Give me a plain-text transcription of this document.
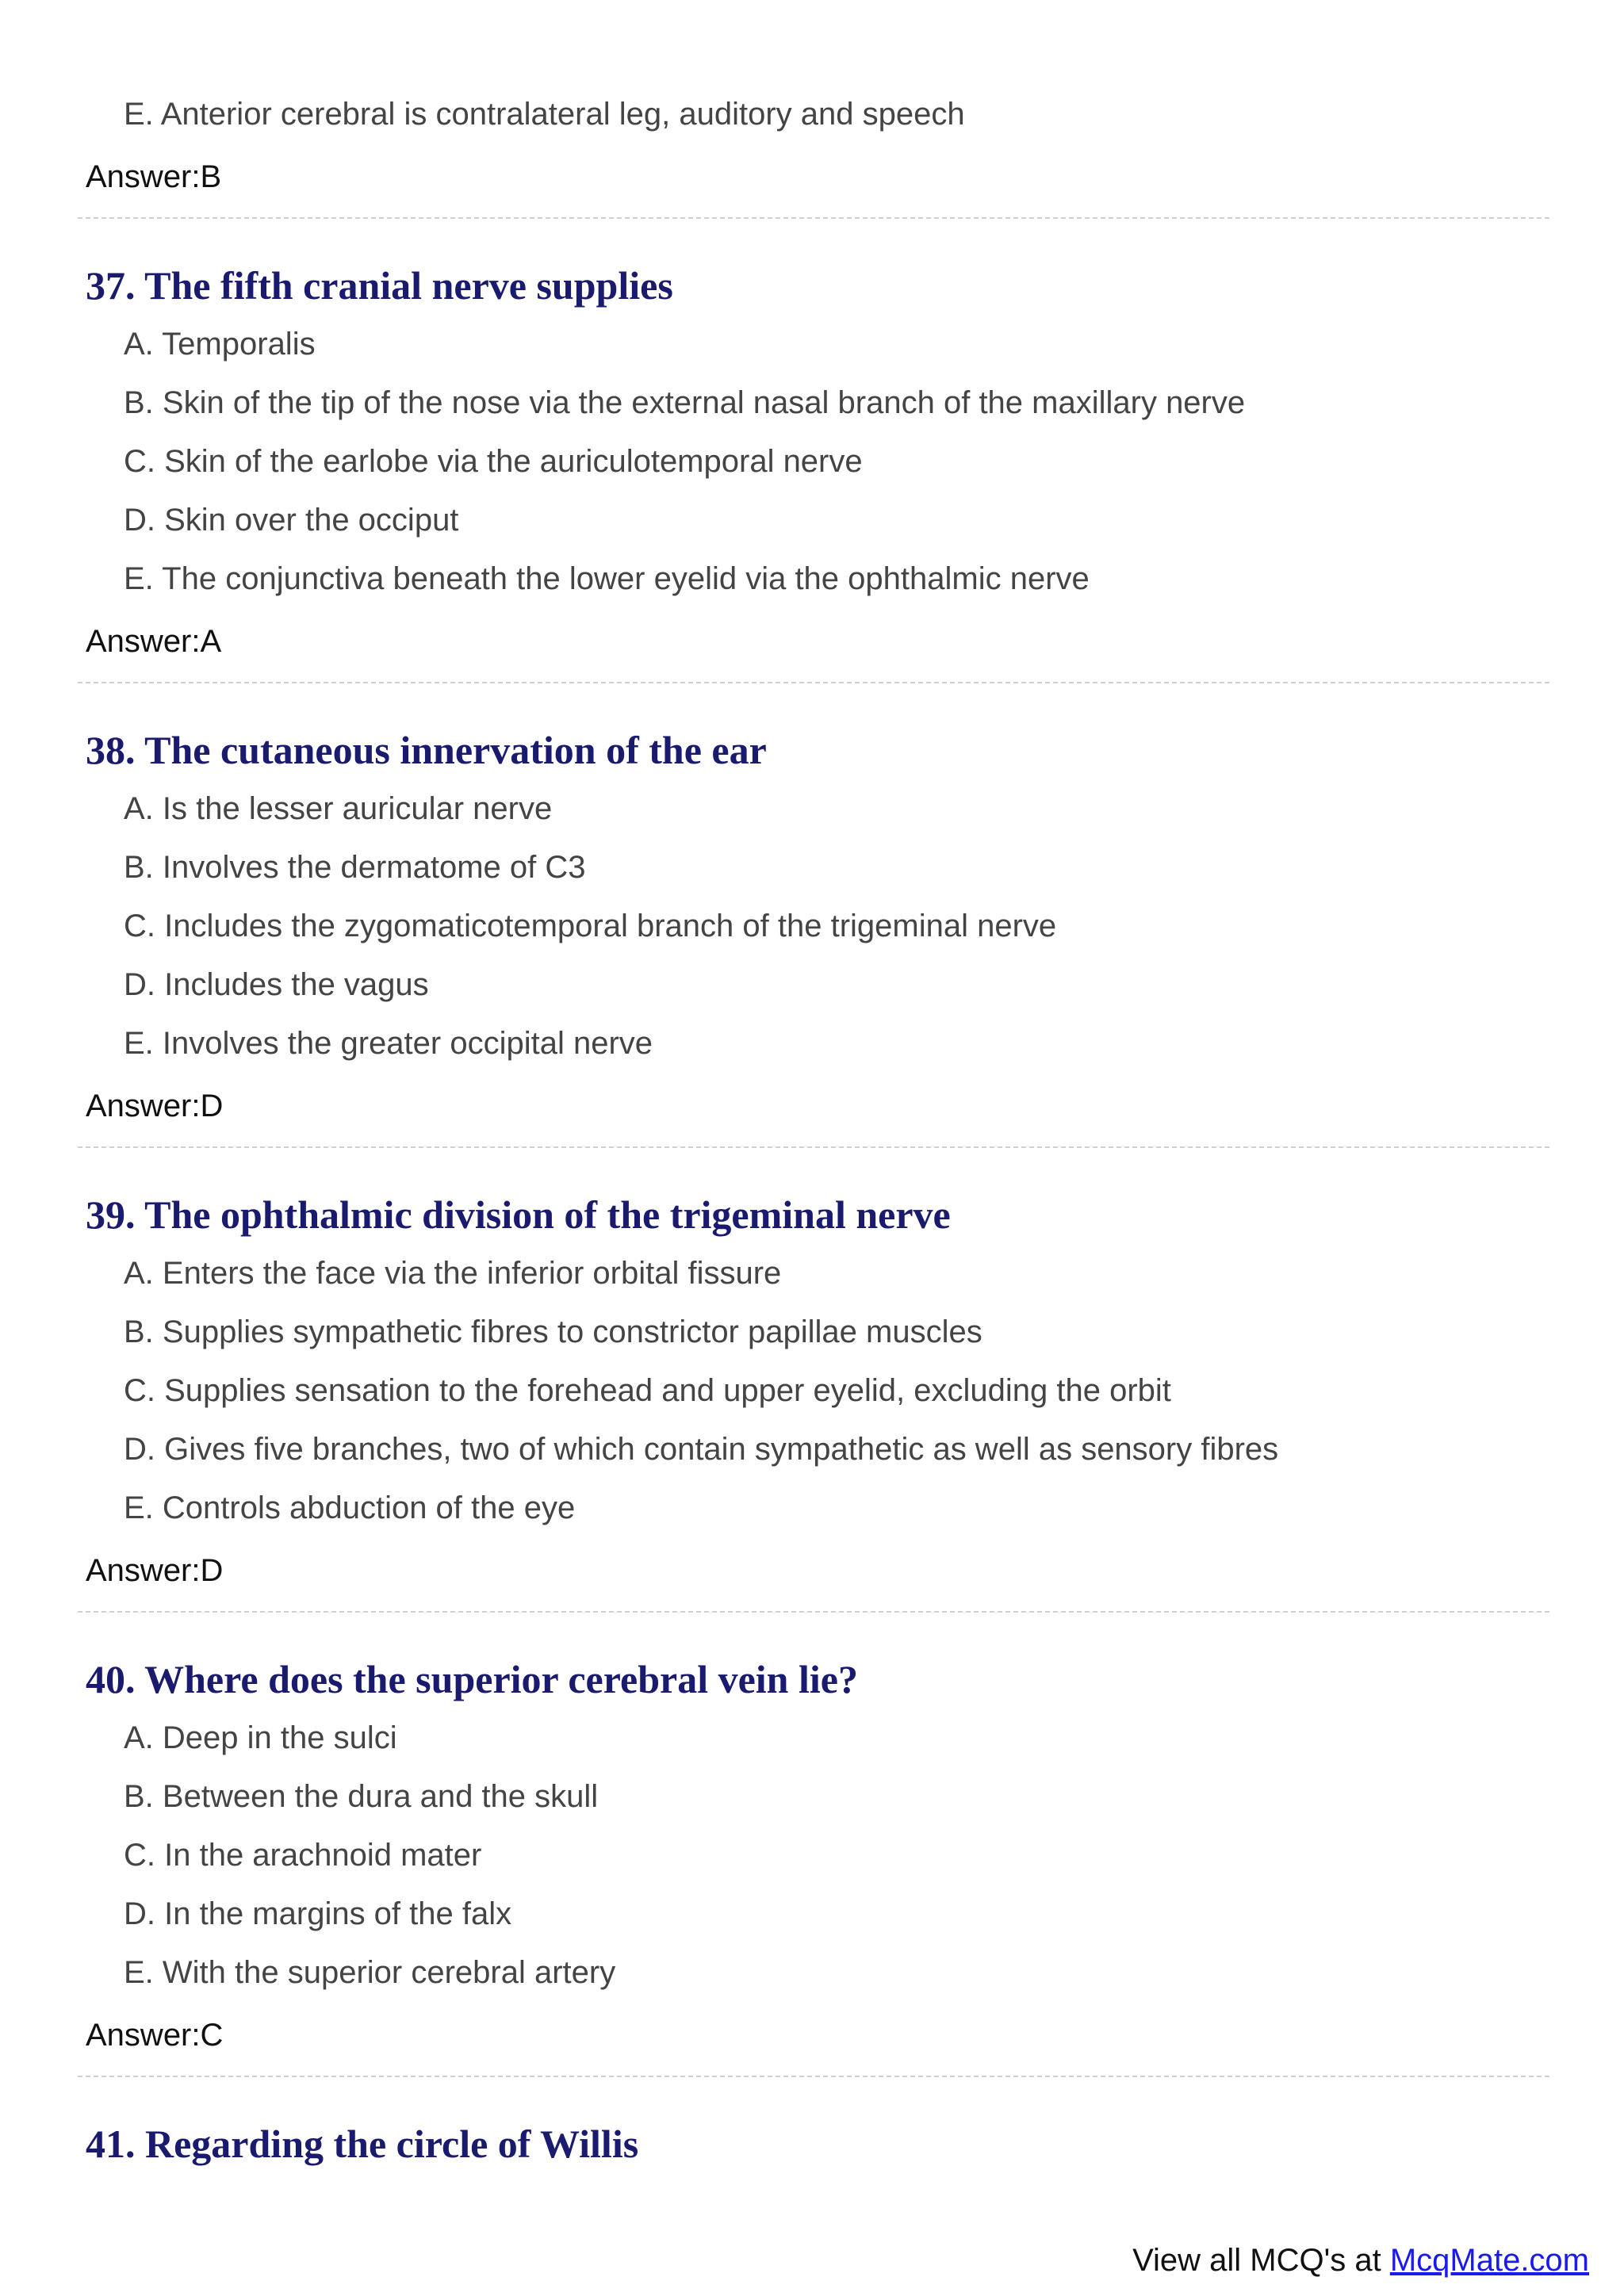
E. Anterior cerebral is contralateral leg, auditory and speech
Answer:B
37. The fifth cranial nerve supplies
A. Temporalis
B. Skin of the tip of the nose via the external nasal branch of the maxillary nerve
C. Skin of the earlobe via the auriculotemporal nerve
D. Skin over the occiput
E. The conjunctiva beneath the lower eyelid via the ophthalmic nerve
Answer:A
38. The cutaneous innervation of the ear
A. Is the lesser auricular nerve
B. Involves the dermatome of C3
C. Includes the zygomaticotemporal branch of the trigeminal nerve
D. Includes the vagus
E. Involves the greater occipital nerve
Answer:D
39. The ophthalmic division of the trigeminal nerve
A. Enters the face via the inferior orbital fissure
B. Supplies sympathetic fibres to constrictor papillae muscles
C. Supplies sensation to the forehead and upper eyelid, excluding the orbit
D. Gives five branches, two of which contain sympathetic as well as sensory fibres
E. Controls abduction of the eye
Answer:D
40. Where does the superior cerebral vein lie?
A. Deep in the sulci
B. Between the dura and the skull
C. In the arachnoid mater
D. In the margins of the falx
E. With the superior cerebral artery
Answer:C
41. Regarding the circle of Willis
View all MCQ's at McqMate.com
